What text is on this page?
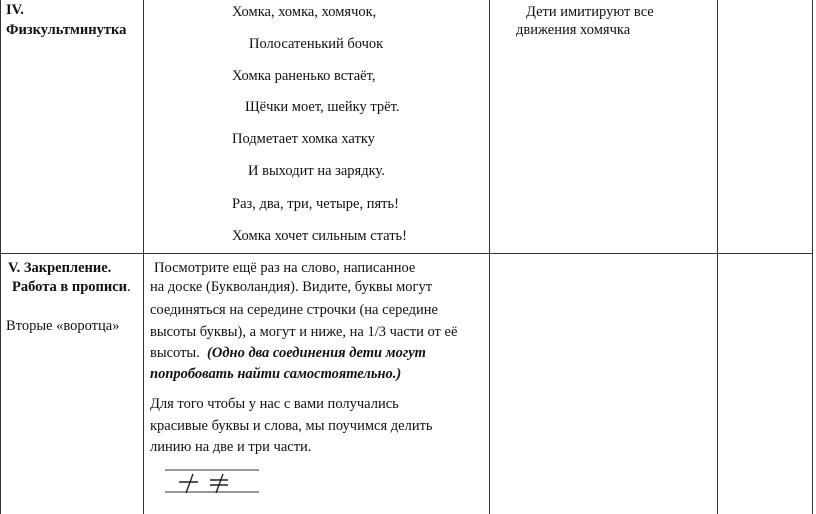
IV.
Физкультминутка
Хомка, хомка, хомячок,
Полосатенький бочок
Хомка раненько встаёт,
Щёчки моет, шейку трёт.
Подметает хомка хатку
И выходит на зарядку.
Раз, два, три, четыре, пять!
Хомка хочет сильным стать!
Дети имитируют все
движения хомячка
V. Закрепление.
Работа в прописи.
Вторые «воротца»
Посмотрите ещё раз на слово, написанное
на доске (Букволандия). Видите, буквы могут
соединяться на середине строчки (на середине
высоты буквы), а могут и ниже, на 1/3 части от её
высоты. (Одно два соединения дети могут
попробовать найти самостоятельно.)
Для того чтобы у нас с вами получались
красивые буквы и слова, мы поучимся делить
линию на две и три части.
